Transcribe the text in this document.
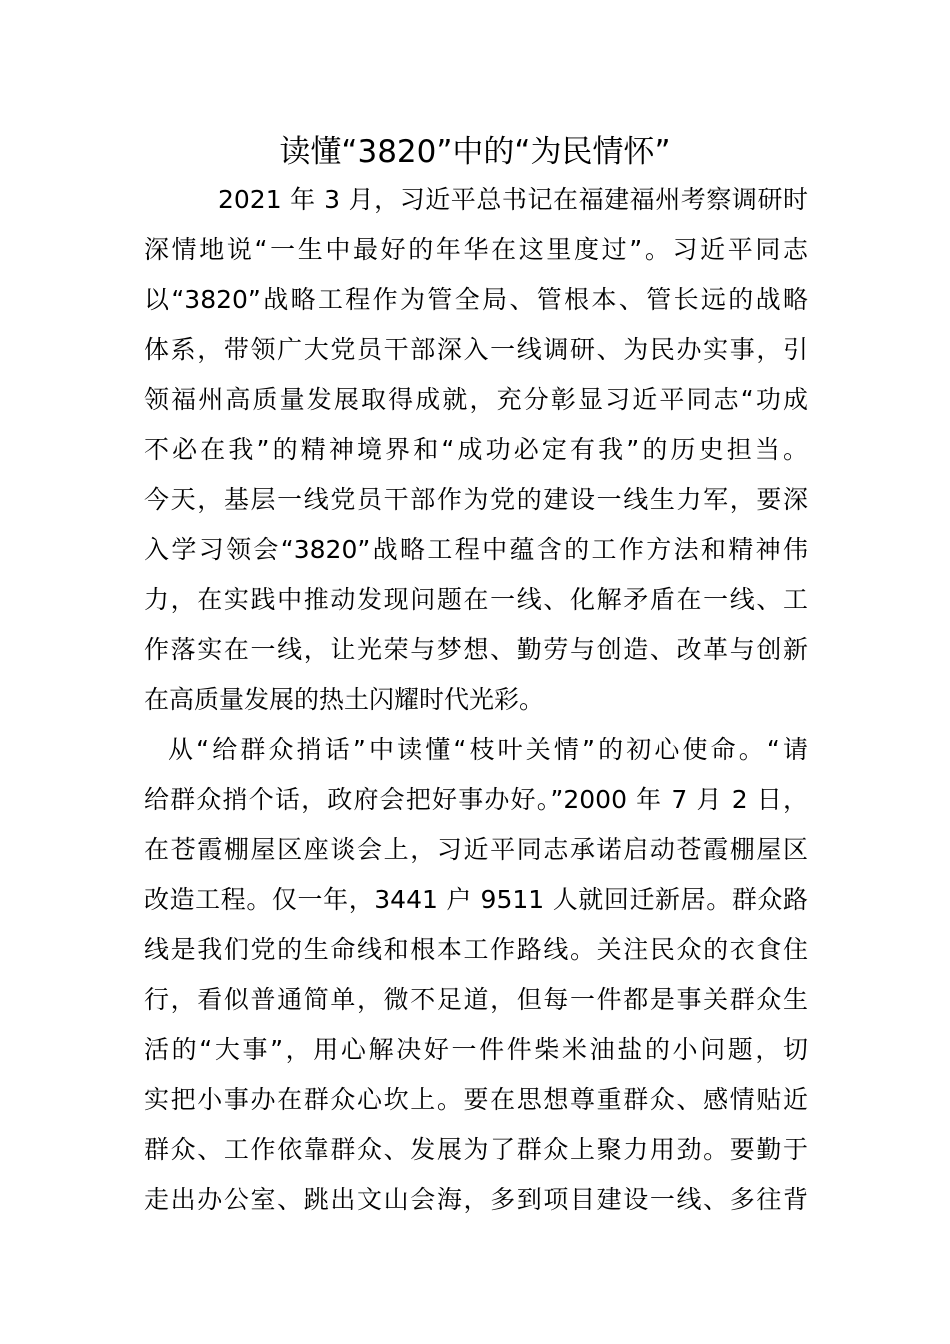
读懂“3820”中的“为民情怀”
2021 年 3 月，习近平总书记在福建福州考察调研时
深情地说“一生中最好的年华在这里度过”。习近平同志
以“3820”战略工程作为管全局、管根本、管长远的战略
体系，带领广大党员干部深入一线调研、为民办实事，引
领福州高质量发展取得成就，充分彰显习近平同志“功成
不必在我”的精神境界和“成功必定有我”的历史担当。
今天，基层一线党员干部作为党的建设一线生力军，要深
入学习领会“3820”战略工程中蕴含的工作方法和精神伟
力，在实践中推动发现问题在一线、化解矛盾在一线、工
作落实在一线，让光荣与梦想、勤劳与创造、改革与创新
在高质量发展的热土闪耀时代光彩。
从“给群众捎话”中读懂“枝叶关情”的初心使命。“请
给群众捎个话，政府会把好事办好。”2000 年 7 月 2 日，
在苍霞棚屋区座谈会上，习近平同志承诺启动苍霞棚屋区
改造工程。仅一年，3441 户 9511 人就回迁新居。群众路
线是我们党的生命线和根本工作路线。关注民众的衣食住
行，看似普通简单，微不足道，但每一件都是事关群众生
活的“大事”，用心解决好一件件柴米油盐的小问题，切
实把小事办在群众心坎上。要在思想尊重群众、感情贴近
群众、工作依靠群众、发展为了群众上聚力用劲。要勤于
走出办公室、跳出文山会海，多到项目建设一线、多往背
